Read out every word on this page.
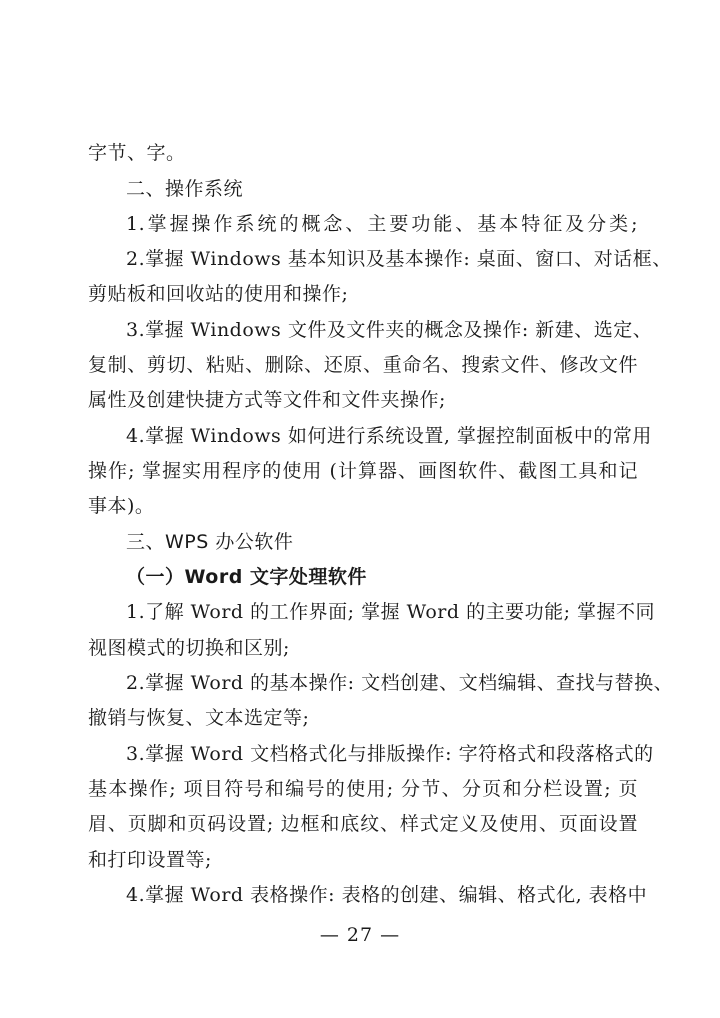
字节、字。
二、操作系统
1.掌握操作系统的概念、主要功能、基本特征及分类;
2.掌握 Windows 基本知识及基本操作: 桌面、窗口、对话框、
剪贴板和回收站的使用和操作;
3.掌握 Windows 文件及文件夹的概念及操作: 新建、选定、
复制、剪切、粘贴、删除、还原、重命名、搜索文件、修改文件
属性及创建快捷方式等文件和文件夹操作;
4.掌握 Windows 如何进行系统设置, 掌握控制面板中的常用
操作; 掌握实用程序的使用 (计算器、画图软件、截图工具和记
事本)。
三、WPS 办公软件
（一）Word 文字处理软件
1.了解 Word 的工作界面; 掌握 Word 的主要功能; 掌握不同
视图模式的切换和区别;
2.掌握 Word 的基本操作: 文档创建、文档编辑、查找与替换、
撤销与恢复、文本选定等;
3.掌握 Word 文档格式化与排版操作: 字符格式和段落格式的
基本操作; 项目符号和编号的使用; 分节、分页和分栏设置; 页
眉、页脚和页码设置; 边框和底纹、样式定义及使用、页面设置
和打印设置等;
4.掌握 Word 表格操作: 表格的创建、编辑、格式化, 表格中
— 27 —
